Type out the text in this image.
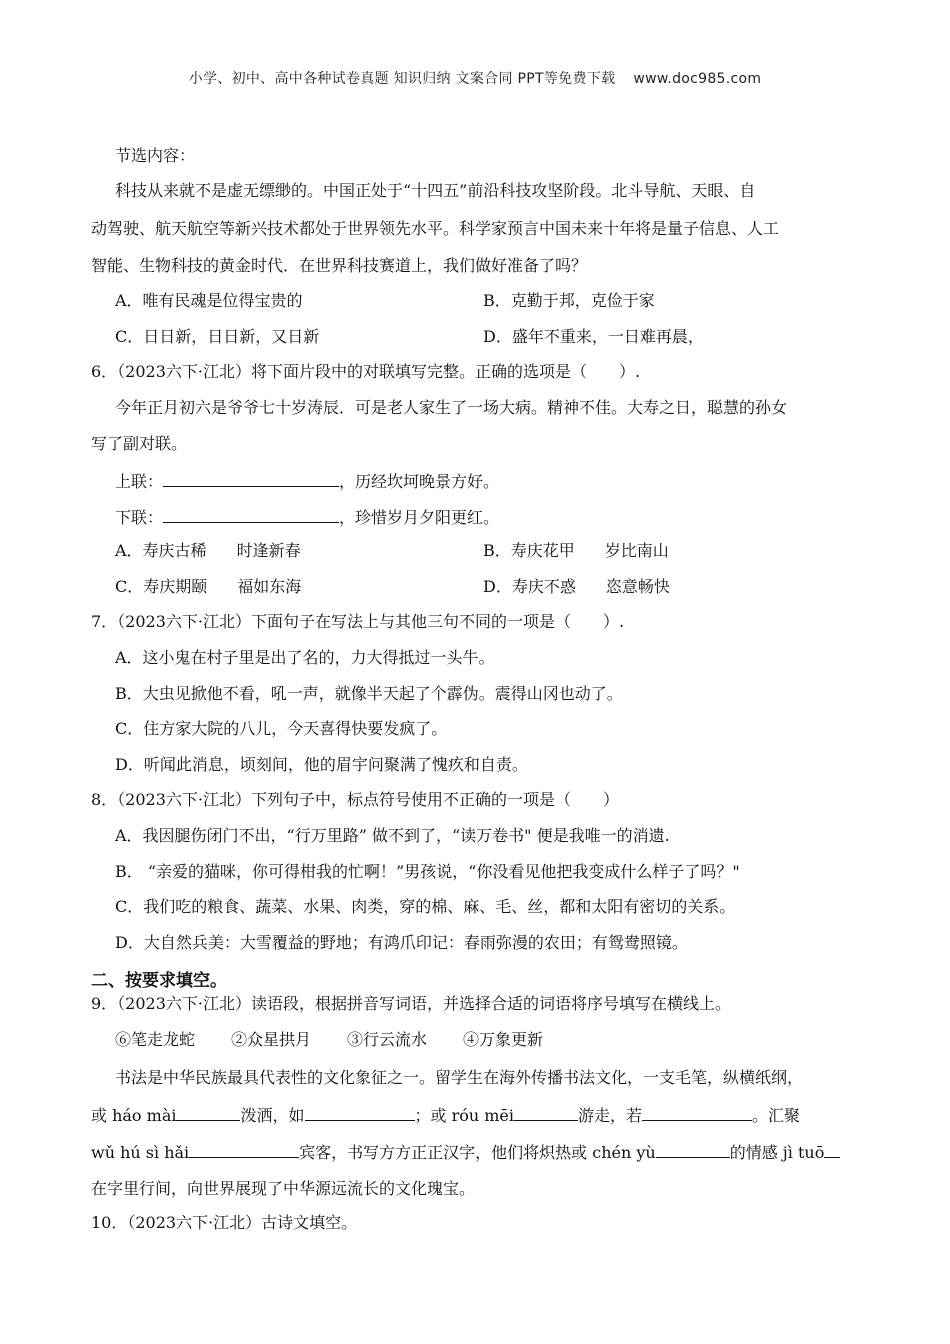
小学、初中、高中各种试卷真题 知识归纳 文案合同 PPT等免费下载 www.doc985.com
节选内容：
科技从来就不是虚无缥缈的。中国正处于“十四五”前沿科技攻坚阶段。北斗导航、天眼、自
动驾驶、航天航空等新兴技术都处于世界领先水平。科学家预言中国未来十年将是量子信息、人工
智能、生物科技的黄金时代．在世界科技赛道上，我们做好准备了吗？
A．唯有民魂是位得宝贵的	B．克勤于邦，克俭于家
C．日日新，日日新，又日新	D．盛年不重来，一日难再晨，
6．（2023六下·江北）将下面片段中的对联填写完整。正确的选项是（　　）.
今年正月初六是爷爷七十岁涛辰．可是老人家生了一场大病。精神不佳。大寿之日，聪慧的孙女
写了副对联。
上联：	，历经坎坷晚景方好。
下联：	，珍惜岁月夕阳更红。
A．寿庆古稀 时逢新春	B．寿庆花甲 岁比南山
C．寿庆期颐 福如东海	D．寿庆不惑 恣意畅快
7．（2023六下·江北）下面句子在写法上与其他三句不同的一项是（　　）.
A．这小鬼在村子里是出了名的，力大得抵过一头牛。
B．大虫见掀他不看，吼一声，就像半天起了个霹伪。震得山冈也动了。
C．住方家大院的八儿，今天喜得快要发疯了。
D．听闻此消息，顷刻间，他的眉宇问聚满了愧疚和自责。
8．（2023六下·江北）下列句子中，标点符号使用不正确的一项是（　　）
A．我因腿伤闭门不出，“行万里路” 做不到了，“读万卷书" 便是我唯一的消遗.
B． “亲爱的猫咪，你可得柑我的忙啊！”男孩说，“你没看见他把我变成什么样子了吗？"
C．我们吃的粮食、蔬菜、水果、肉类，穿的棉、麻、毛、丝，都和太阳有密切的关系。
D．大自然兵美：大雪覆益的野地；有鸿爪印记：春雨弥漫的农田；有鸳鸯照镜。
二、按要求填空。
9．（2023六下·江北）读语段，根据拼音写词语，并选择合适的词语将序号填写在横线上。
⑥笔走龙蛇 ②众星拱月 ③行云流水 ④万象更新
书法是中华民族最具代表性的文化象征之一。留学生在海外传播书法文化，一支毛笔，纵横纸纲，
或 háo mài	泼洒，如	；或 róu mēi	游走，若	。汇聚
wǔ hú sì hǎi	宾客，书写方方正正汉字，他们将炽热或 chén yù	的情感 jì tuō
在字里行间，向世界展现了中华源远流长的文化瑰宝。
10．（2023六下·江北）古诗文填空。
